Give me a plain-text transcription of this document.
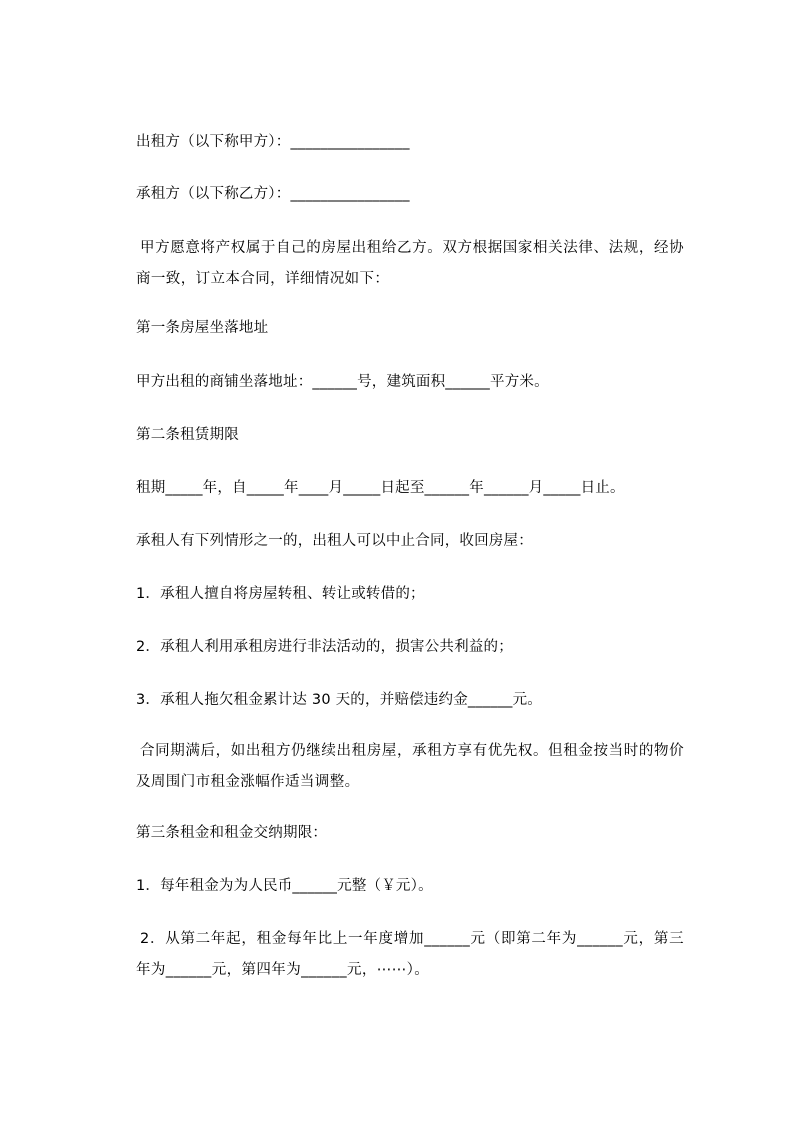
出租方（以下称甲方）：________________
承租方（以下称乙方）：________________
甲方愿意将产权属于自己的房屋出租给乙方。双方根据国家相关法律、法规，经协商一致，订立本合同，详细情况如下：
第一条房屋坐落地址
甲方出租的商铺坐落地址：______号，建筑面积______平方米。
第二条租赁期限
租期_____年，自_____年____月_____日起至______年______月_____日止。
承租人有下列情形之一的，出租人可以中止合同，收回房屋：
1．承租人擅自将房屋转租、转让或转借的；
2．承租人利用承租房进行非法活动的，损害公共利益的；
3．承租人拖欠租金累计达 30 天的，并赔偿违约金______元。
合同期满后，如出租方仍继续出租房屋，承租方享有优先权。但租金按当时的物价及周围门市租金涨幅作适当调整。
第三条租金和租金交纳期限：
1．每年租金为为人民币______元整（￥元）。
2．从第二年起，租金每年比上一年度增加______元（即第二年为______元，第三年为______元，第四年为______元，⋯⋯）。
